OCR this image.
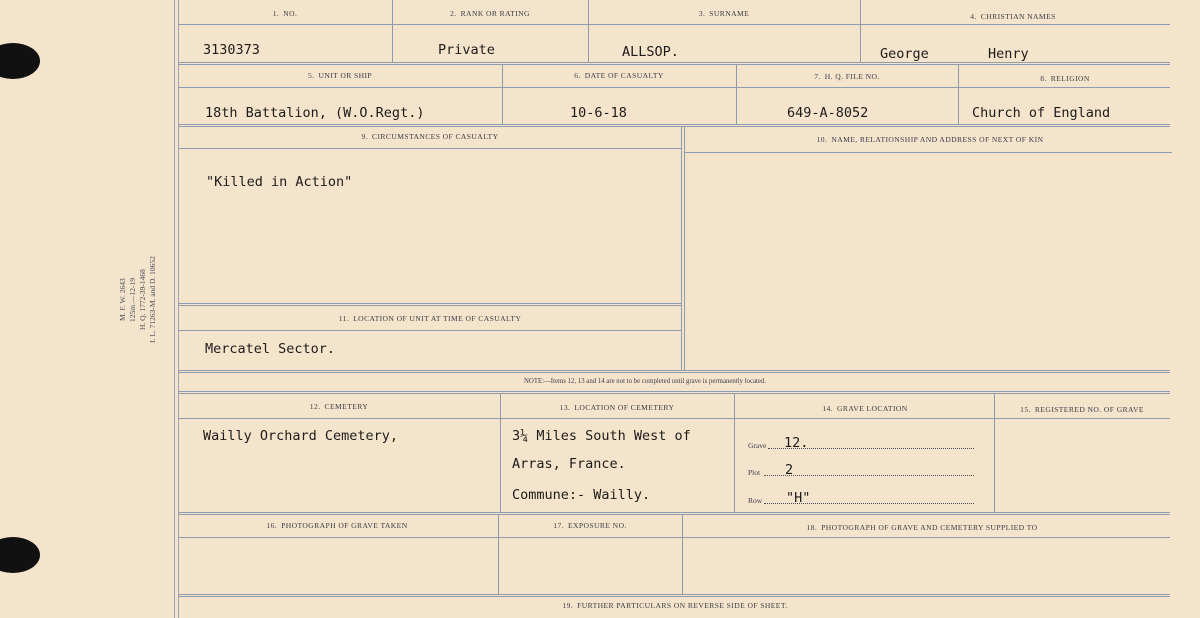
M. F. W. 2643 125m.—12-19 H. Q. 1772-39-1468 I. L. 71263-M. and D. 10652
1. NO.	2. RANK OR RATING	3. SURNAME	4. CHRISTIAN NAMES
3130373	Private	ALLSOP.	George	Henry
5. UNIT OR SHIP	6. DATE OF CASUALTY	7. H. Q. FILE NO.	8. RELIGION
18th Battalion, (W.O.Regt.)	10-6-18	649-A-8052	Church of England
9. CIRCUMSTANCES OF CASUALTY	10. NAME, RELATIONSHIP AND ADDRESS OF NEXT OF KIN
"Killed in Action"
11. LOCATION OF UNIT AT TIME OF CASUALTY
Mercatel Sector.
NOTE:—Items 12, 13 and 14 are not to be completed until grave is permanently located.
12. CEMETERY	13. LOCATION OF CEMETERY	14. GRAVE LOCATION	15. REGISTERED NO. OF GRAVE
Wailly Orchard Cemetery,	3¼ Miles South West of
Arras, France.
Commune:- Wailly.
Grave 12.
Plot 2
Row "H"
16. PHOTOGRAPH OF GRAVE TAKEN	17. EXPOSURE NO.	18. PHOTOGRAPH OF GRAVE AND CEMETERY SUPPLIED TO
19. FURTHER PARTICULARS ON REVERSE SIDE OF SHEET.
